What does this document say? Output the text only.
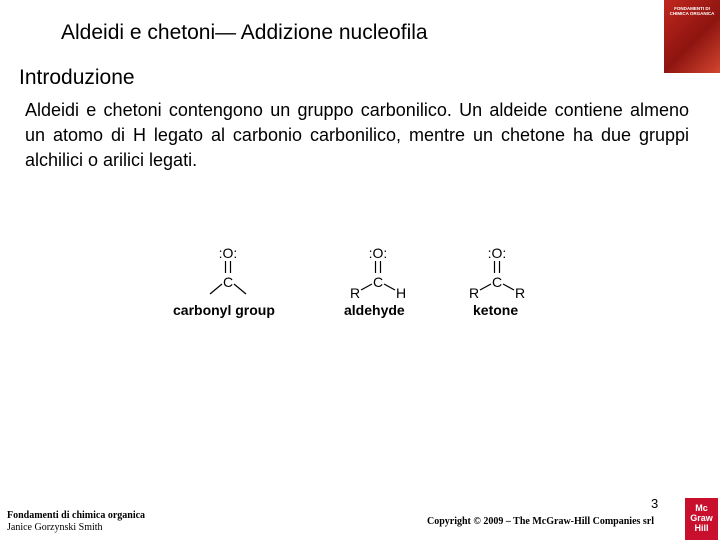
Aldeidi e chetoni— Addizione nucleofila
FONDAMENTI DI CHIMICA ORGANICA
Introduzione
Aldeidi e chetoni contengono un gruppo carbonilico. Un aldeide contiene almeno un atomo di H legato al carbonio carbonilico, mentre un chetone ha due gruppi alchilici o arilici legati.
:O:
C
carbonyl group
:O:
C
R	H
aldehyde
:O:
C
R	R
ketone
Fondamenti di chimica organica
Janice Gorzynski Smith
3
Copyright © 2009 – The McGraw-Hill Companies srl
Mc
Graw
Hill
